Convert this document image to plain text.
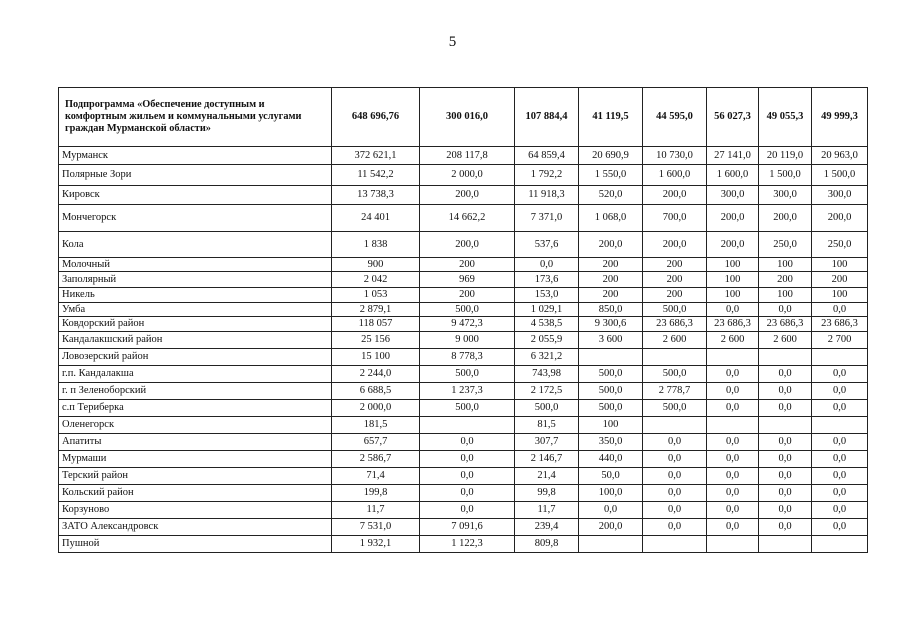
5
Подпрограмма «Обеспечение доступным и комфортным жильем и коммунальными услугами граждан Мурманской области»	648 696,76	300 016,0	107 884,4	41 119,5	44 595,0	56 027,3	49 055,3	49 999,3
Мурманск	372 621,1	208 117,8	64 859,4	20 690,9	10 730,0	27 141,0	20 119,0	20 963,0
Полярные Зори	11 542,2	2 000,0	1 792,2	1 550,0	1 600,0	1 600,0	1 500,0	1 500,0
Кировск	13 738,3	200,0	11 918,3	520,0	200,0	300,0	300,0	300,0
Мончегорск	24 401	14 662,2	7 371,0	1 068,0	700,0	200,0	200,0	200,0
Кола	1 838	200,0	537,6	200,0	200,0	200,0	250,0	250,0
Молочный	900	200	0,0	200	200	100	100	100
Заполярный	2 042	969	173,6	200	200	100	200	200
Никель	1 053	200	153,0	200	200	100	100	100
Умба	2 879,1	500,0	1 029,1	850,0	500,0	0,0	0,0	0,0
Ковдорский район	118 057	9 472,3	4 538,5	9 300,6	23 686,3	23 686,3	23 686,3	23 686,3
Кандалакшский район	25 156	9 000	2 055,9	3 600	2 600	2 600	2 600	2 700
Ловозерский район	15 100	8 778,3	6 321,2					
г.п. Кандалакша	2 244,0	500,0	743,98	500,0	500,0	0,0	0,0	0,0
г. п Зеленоборский	6 688,5	1 237,3	2 172,5	500,0	2 778,7	0,0	0,0	0,0
с.п Териберка	2 000,0	500,0	500,0	500,0	500,0	0,0	0,0	0,0
Оленегорск	181,5		81,5	100				
Апатиты	657,7	0,0	307,7	350,0	0,0	0,0	0,0	0,0
Мурмаши	2 586,7	0,0	2 146,7	440,0	0,0	0,0	0,0	0,0
Терский район	71,4	0,0	21,4	50,0	0,0	0,0	0,0	0,0
Кольский район	199,8	0,0	99,8	100,0	0,0	0,0	0,0	0,0
Корзуново	11,7	0,0	11,7	0,0	0,0	0,0	0,0	0,0
ЗАТО Александровск	7 531,0	7 091,6	239,4	200,0	0,0	0,0	0,0	0,0
Пушной	1 932,1	1 122,3	809,8					
